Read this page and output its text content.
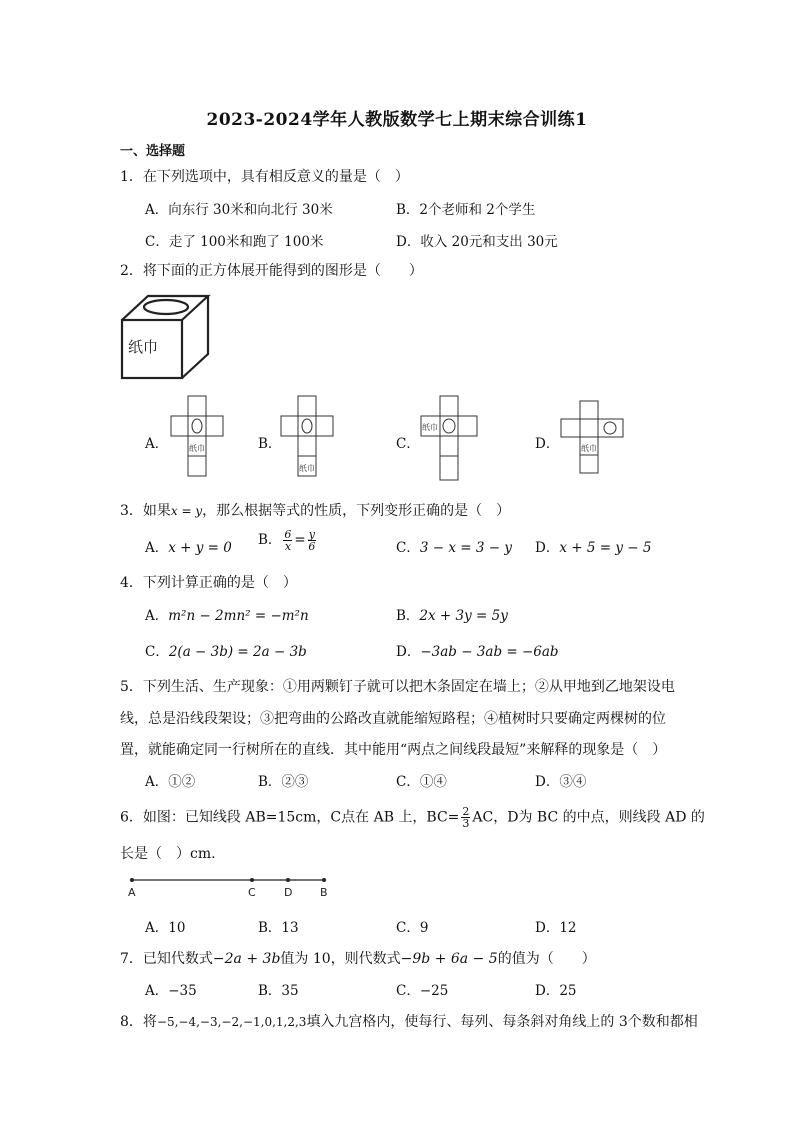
2023-2024学年人教版数学七上期末综合训练1
一、选择题
1．在下列选项中，具有相反意义的量是（　）
A．向东行 30米和向北行 30米	B．2个老师和 2个学生
C．走了 100米和跑了 100米	D．收入 20元和支出 30元
2．将下面的正方体展开能得到的图形是（　　）
纸巾
A．	纸巾	B．
纸巾
C．
纸巾
D．	纸巾
3．如果x = y，那么根据等式的性质，下列变形正确的是（　）
A．x + y = 0 B． $\frac{6}{x} = \frac{y}{6}$	C．3 − x = 3 − y D．x + 5 = y − 5
4．下列计算正确的是（　）
A．m²n − 2mn² = −m²n	B．2x + 3y = 5y
C．2(a − 3b) = 2a − 3b	D．−3ab − 3ab = −6ab
5．下列生活、生产现象：①用两颗钉子就可以把木条固定在墙上；②从甲地到乙地架设电
线，总是沿线段架设；③把弯曲的公路改直就能缩短路程；④植树时只要确定两棵树的位
置，就能确定同一行树所在的直线．其中能用“两点之间线段最短”来解释的现象是（　）
A．①②	B．②③	C．①④	D．③④
6．如图：已知线段 AB=15cm，C点在 AB 上，$BC= \frac{2}{3}$ AC，D为 BC 的中点，则线段 AD 的
长是（　）cm.
A	C	D	B
A．10	B．13	C．9	D．12
7．已知代数式−2a + 3b值为 10，则代数式−9b + 6a − 5的值为（　　）
A．−35	B．35	C．−25	D．25
8．将−5,−4,−3,−2,−1,0,1,2,3填入九宫格内，使每行、每列、每条斜对角线上的 3个数和都相
